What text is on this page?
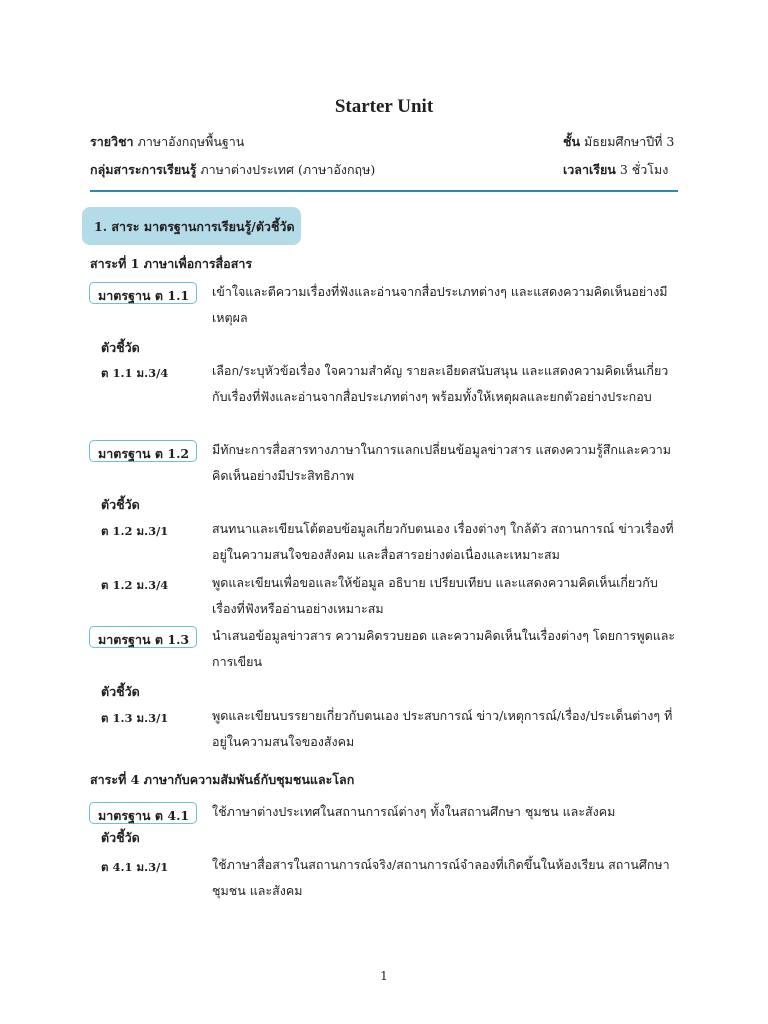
Starter Unit
รายวิชา ภาษาอังกฤษพื้นฐาน	ชั้น มัธยมศึกษาปีที่ 3
กลุ่มสาระการเรียนรู้ ภาษาต่างประเทศ (ภาษาอังกฤษ)	เวลาเรียน 3 ชั่วโมง
1. สาระ มาตรฐานการเรียนรู้/ตัวชี้วัด
สาระที่ 1 ภาษาเพื่อการสื่อสาร
มาตรฐาน ต 1.1	เข้าใจและตีความเรื่องที่ฟังและอ่านจากสื่อประเภทต่างๆ และแสดงความคิดเห็นอย่างมีเหตุผล
ตัวชี้วัด
ต 1.1 ม.3/4	เลือก/ระบุหัวข้อเรื่อง ใจความสำคัญ รายละเอียดสนับสนุน และแสดงความคิดเห็นเกี่ยวกับเรื่องที่ฟังและอ่านจากสื่อประเภทต่างๆ พร้อมทั้งให้เหตุผลและยกตัวอย่างประกอบ
มาตรฐาน ต 1.2	มีทักษะการสื่อสารทางภาษาในการแลกเปลี่ยนข้อมูลข่าวสาร แสดงความรู้สึกและความคิดเห็นอย่างมีประสิทธิภาพ
ตัวชี้วัด
ต 1.2 ม.3/1	สนทนาและเขียนโต้ตอบข้อมูลเกี่ยวกับตนเอง เรื่องต่างๆ ใกล้ตัว สถานการณ์ ข่าวเรื่องที่อยู่ในความสนใจของสังคม และสื่อสารอย่างต่อเนื่องและเหมาะสม
ต 1.2 ม.3/4	พูดและเขียนเพื่อขอและให้ข้อมูล อธิบาย เปรียบเทียบ และแสดงความคิดเห็นเกี่ยวกับเรื่องที่ฟังหรืออ่านอย่างเหมาะสม
มาตรฐาน ต 1.3	นำเสนอข้อมูลข่าวสาร ความคิดรวบยอด และความคิดเห็นในเรื่องต่างๆ โดยการพูดและการเขียน
ตัวชี้วัด
ต 1.3 ม.3/1	พูดและเขียนบรรยายเกี่ยวกับตนเอง ประสบการณ์ ข่าว/เหตุการณ์/เรื่อง/ประเด็นต่างๆ ที่อยู่ในความสนใจของสังคม
สาระที่ 4 ภาษากับความสัมพันธ์กับชุมชนและโลก
มาตรฐาน ต 4.1	ใช้ภาษาต่างประเทศในสถานการณ์ต่างๆ ทั้งในสถานศึกษา ชุมชน และสังคม
ตัวชี้วัด
ต 4.1 ม.3/1	ใช้ภาษาสื่อสารในสถานการณ์จริง/สถานการณ์จำลองที่เกิดขึ้นในห้องเรียน สถานศึกษา ชุมชน และสังคม
1
